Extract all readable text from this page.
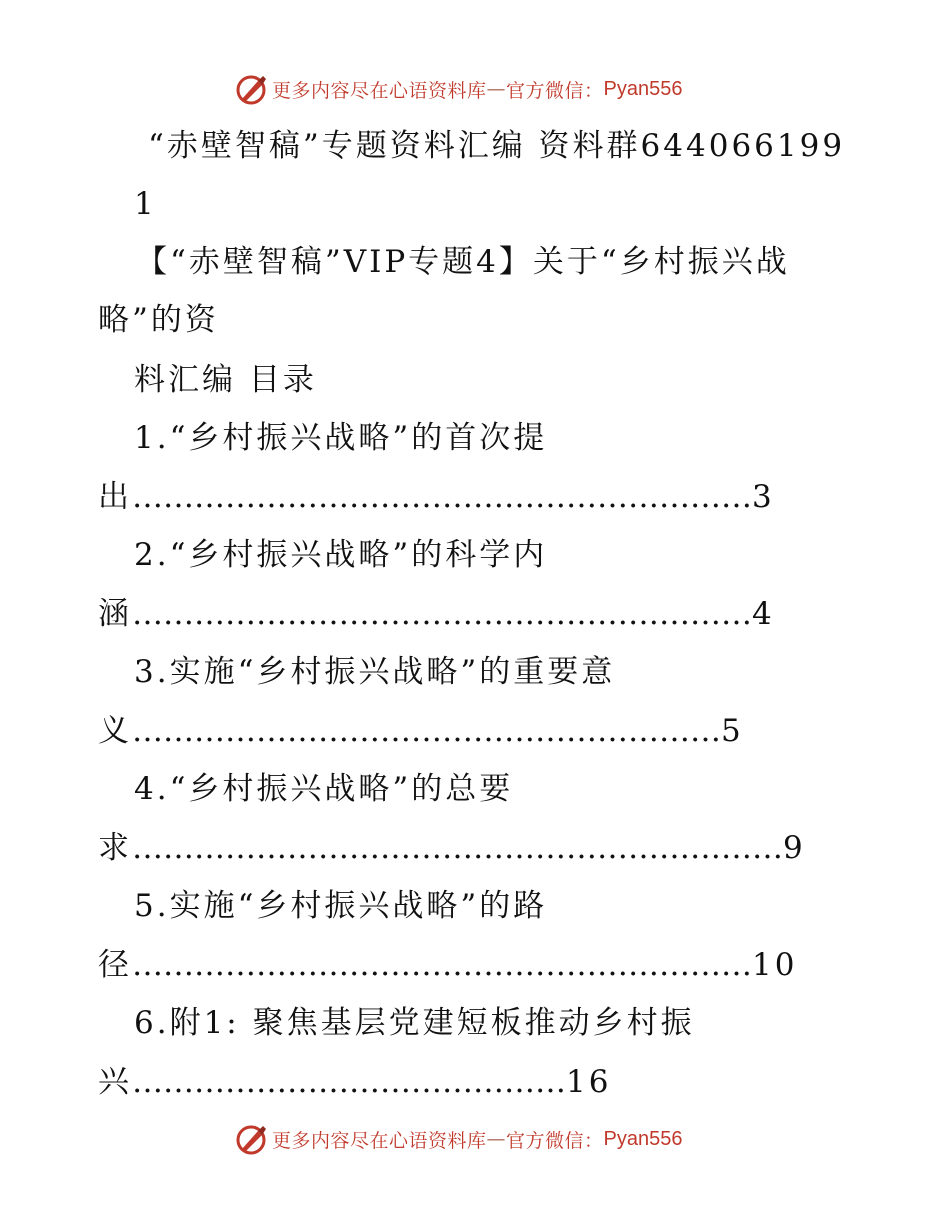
更多内容尽在心语资料库 — 官方微信： Pyan556
“赤壁智稿”专题资料汇编 资料群644066199
1
【“赤壁智稿”VIP专题4】关于“乡村振兴战
略”的资
料汇编 目录
1.“乡村振兴战略”的首次提
出……………………………………………………3
2.“乡村振兴战略”的科学内
涵……………………………………………………4
3.实施“乡村振兴战略”的重要意
义…………………………………………………5
4.“乡村振兴战略”的总要
求………………………………………………………9
5.实施“乡村振兴战略”的路
径……………………………………………………10
6.附1: 聚焦基层党建短板推动乡村振
兴……………………………………16
更多内容尽在心语资料库 — 官方微信： Pyan556
